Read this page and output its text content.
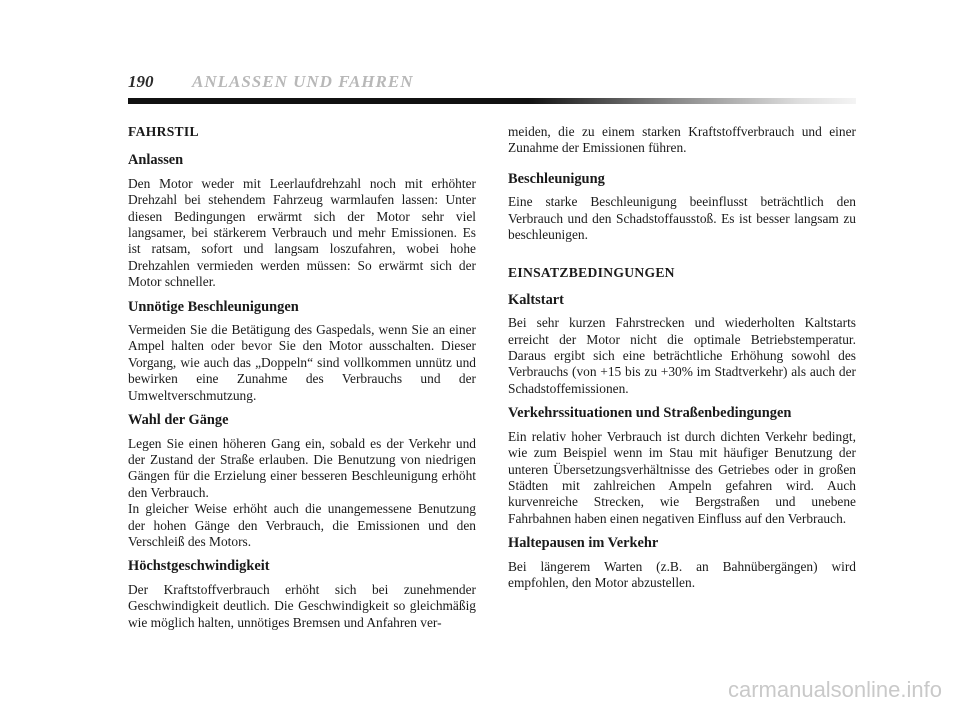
190 ANLASSEN UND FAHREN
FAHRSTIL
Anlassen

Den Motor weder mit Leerlaufdrehzahl noch mit erhöhter Drehzahl bei stehendem Fahrzeug warmlaufen lassen: Unter diesen Bedingungen erwärmt sich der Motor sehr viel langsamer, bei stärkerem Verbrauch und mehr Emissionen. Es ist ratsam, sofort und langsam loszufahren, wobei hohe Drehzahlen vermieden werden müssen: So erwärmt sich der Motor schneller.

Unnötige Beschleunigungen

Vermeiden Sie die Betätigung des Gaspedals, wenn Sie an einer Ampel halten oder bevor Sie den Motor ausschalten. Dieser Vorgang, wie auch das „Doppeln“ sind vollkommen unnütz und bewirken eine Zunahme des Verbrauchs und der Umweltverschmutzung.

Wahl der Gänge

Legen Sie einen höheren Gang ein, sobald es der Verkehr und der Zustand der Straße erlauben. Die Benutzung von niedrigen Gängen für die Erzielung einer besseren Beschleunigung erhöht den Verbrauch.

In gleicher Weise erhöht auch die unangemessene Benutzung der hohen Gänge den Verbrauch, die Emissionen und den Verschleiß des Motors.

Höchstgeschwindigkeit

Der Kraftstoffverbrauch erhöht sich bei zunehmender Geschwindigkeit deutlich. Die Geschwindigkeit so gleichmäßig wie möglich halten, unnötiges Bremsen und Anfahren ver-

meiden, die zu einem starken Kraftstoffverbrauch und einer Zunahme der Emissionen führen.

Beschleunigung

Eine starke Beschleunigung beeinflusst beträchtlich den Verbrauch und den Schadstoffausstoß. Es ist besser langsam zu beschleunigen.

EINSATZBEDINGUNGEN
Kaltstart

Bei sehr kurzen Fahrstrecken und wiederholten Kaltstarts erreicht der Motor nicht die optimale Betriebstemperatur. Daraus ergibt sich eine beträchtliche Erhöhung sowohl des Verbrauchs (von +15 bis zu +30% im Stadtverkehr) als auch der Schadstoffemissionen.

Verkehrssituationen und Straßenbedingungen

Ein relativ hoher Verbrauch ist durch dichten Verkehr bedingt, wie zum Beispiel wenn im Stau mit häufiger Benutzung der unteren Übersetzungsverhältnisse des Getriebes oder in großen Städten mit zahlreichen Ampeln gefahren wird. Auch kurvenreiche Strecken, wie Bergstraßen und unebene Fahrbahnen haben einen negativen Einfluss auf den Verbrauch.

Haltepausen im Verkehr

Bei längerem Warten (z.B. an Bahnübergängen) wird empfohlen, den Motor abzustellen.

carmanualsonline.info
